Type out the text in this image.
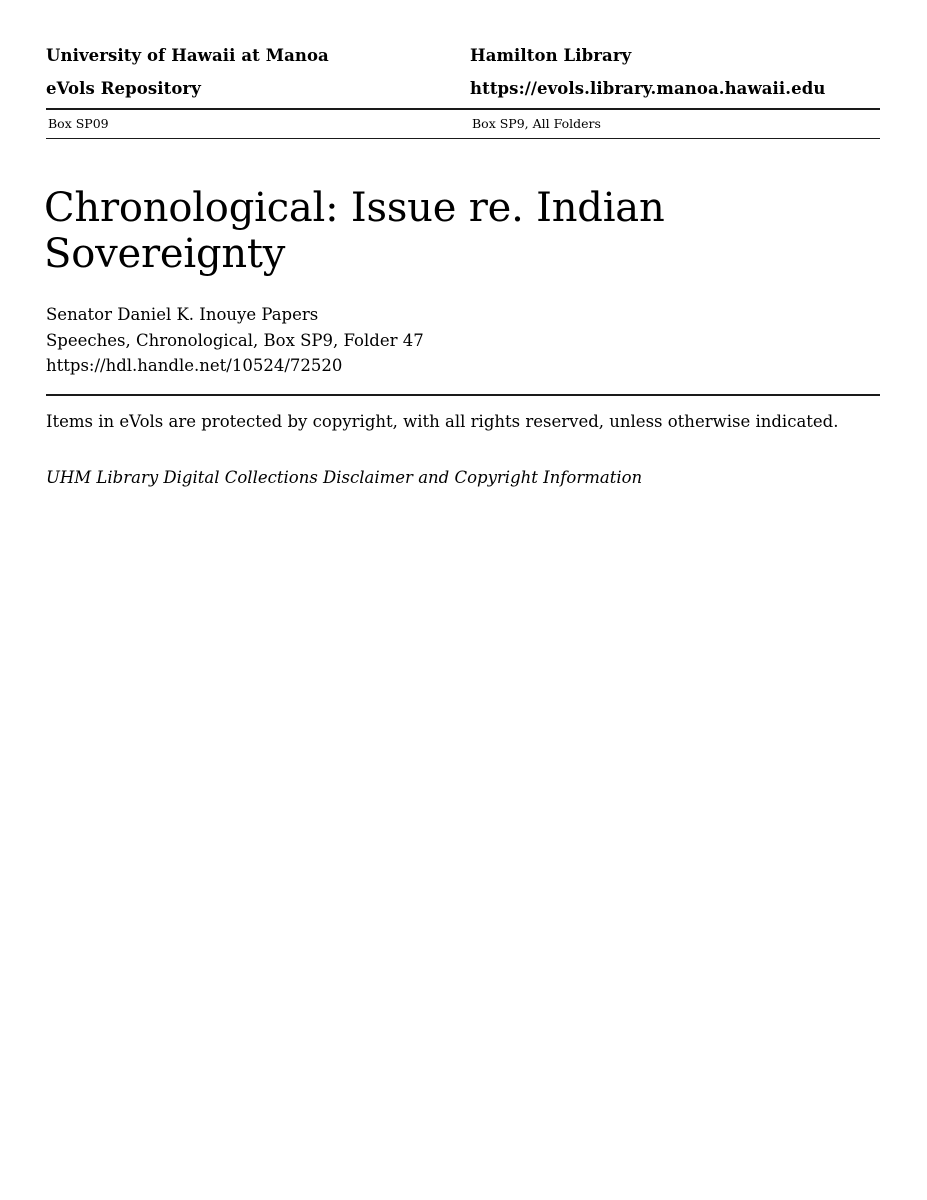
University of Hawaii at Manoa	Hamilton Library
eVols Repository	https://evols.library.manoa.hawaii.edu
Box SP09	Box SP9, All Folders
Chronological: Issue re. Indian Sovereignty
Senator Daniel K. Inouye Papers
Speeches, Chronological, Box SP9, Folder 47
https://hdl.handle.net/10524/72520
Items in eVols are protected by copyright, with all rights reserved, unless otherwise indicated.
UHM Library Digital Collections Disclaimer and Copyright Information
